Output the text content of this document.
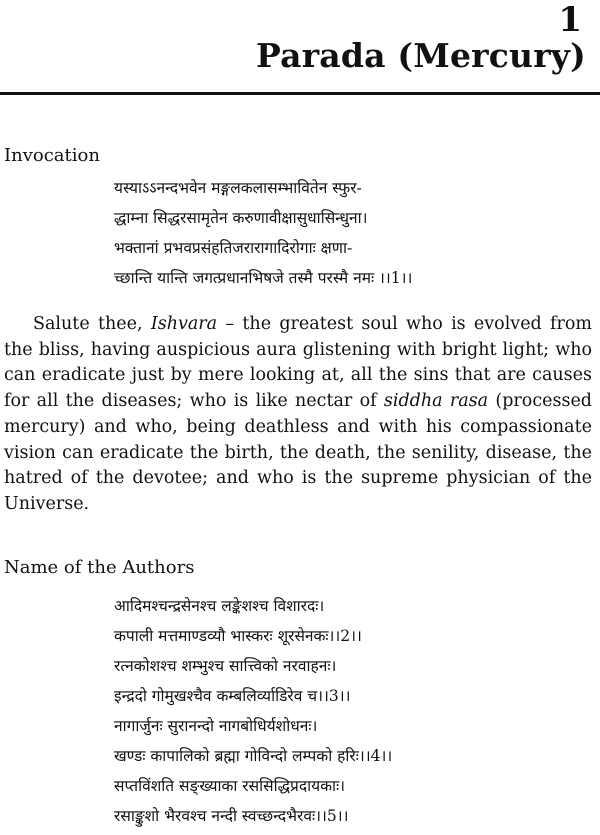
1
Parada (Mercury)
Invocation
यस्याऽऽनन्दभवेन मङ्गलकलासम्भावितेन स्फुर-
द्धाम्ना सिद्धरसामृतेन करुणावीक्षासुधासिन्धुना।
भक्तानां प्रभवप्रसंहतिजरारागादिरोगाः क्षणा-
च्छान्ति यान्ति जगत्प्रधानभिषजे तस्मै परस्मै नमः ।।1।।

Salute thee, Ishvara – the greatest soul who is evolved from the bliss, having auspicious aura glistening with bright light; who can eradicate just by mere looking at, all the sins that are causes for all the diseases; who is like nectar of siddha rasa (processed mercury) and who, being deathless and with his compassionate vision can eradicate the birth, the death, the senility, disease, the hatred of the devotee; and who is the supreme physician of the Universe.

Name of the Authors
आदिमश्चन्द्रसेनश्च लङ्केशश्च विशारदः।
कपाली मत्तमाण्डव्यौ भास्करः शूरसेनकः।।2।।
रत्नकोशश्च शम्भुश्च सात्त्विको नरवाहनः।
इन्द्रदो गोमुखश्चैव कम्बलिर्व्याडिरेव च।।3।।
नागार्जुनः सुरानन्दो नागबोधिर्यशोधनः।
खण्डः कापालिको ब्रह्मा गोविन्दो लम्पको हरिः।।4।।
सप्तविंशति सङ्ख्याका रससिद्धिप्रदायकाः।
रसाङ्कुशो भैरवश्च नन्दी स्वच्छन्दभैरवः।।5।।
